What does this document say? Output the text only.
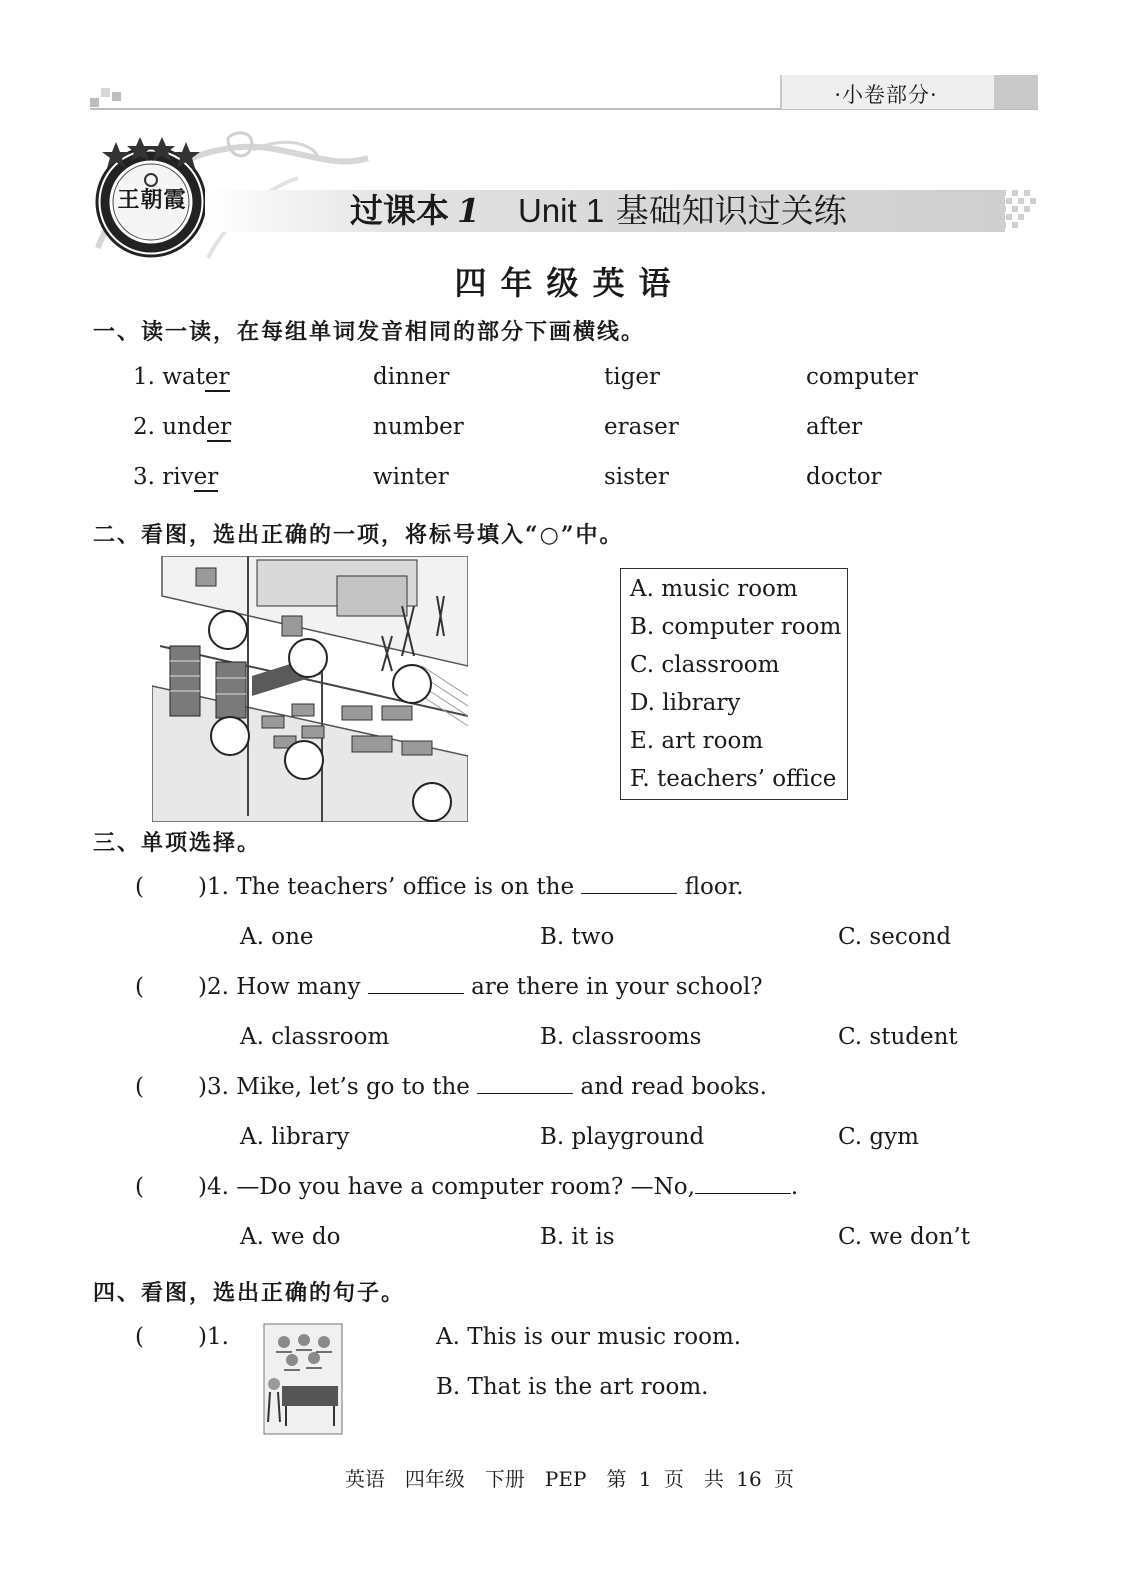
·小卷部分·
王朝霞	过课本 1 Unit 1 基础知识过关练
四年级英语
一、读一读，在每组单词发音相同的部分下画横线。
1. water	dinner	tiger	computer
2. under	number	eraser	after
3. river	winter	sister	doctor
二、看图，选出正确的一项，将标号填入“○”中。
A. music room
B. computer room
C. classroom
D. library
E. art room
F. teachers’ office
三、单项选择。
( )1. The teachers’ office is on the	floor.
A. one	B. two	C. second
( )2. How many	are there in your school?
A. classroom	B. classrooms	C. student
( )3. Mike, let’s go to the	and read books.
A. library	B. playground	C. gym
( )4. —Do you have a computer room? —No,	.
A. we do	B. it is	C. we don’t
四、看图，选出正确的句子。
( )1.	A. This is our music room.
B. That is the art room.
英语　四年级　下册　PEP　第 1 页　共 16 页
